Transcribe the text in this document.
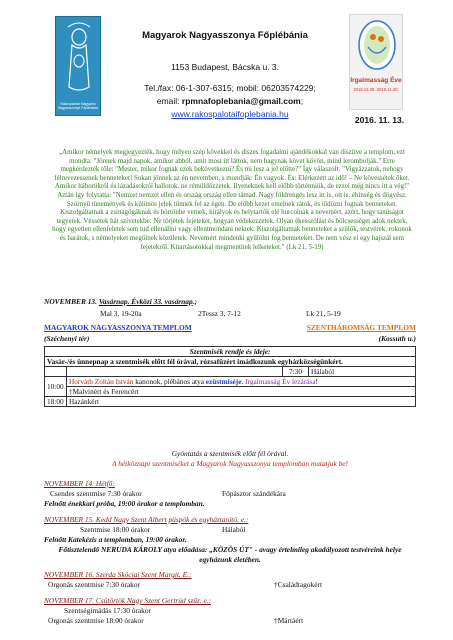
Rakospalotai Magyarok Nagyasszonya Főplébánia
Magyarok Nagyasszonya Főplébánia
1153 Budapest, Bácska u. 3.
Tel./fax: 06-1-307-6315; mobil: 06203574229;
email: rpmnafoplebania@gmail.com;
www.rakospalotaifoplebania.hu
Irgalmasság Éve
2015.12.08.-2016.11.20.
2016. 11. 13.
„Amikor némelyek megjegyezték, hogy milyen szép kövekkel és díszes fogadalmi ajándékokkal van díszítve a templom, ezt mondta: "Jönnek majd napok, amikor abból, amit most itt láttok, nem hagynak követ kövön, mind lerombolják." Erre megkérdezték tőle: "Mester, mikor fognak ezek bekövetkezni? És mi lesz a jel előtte?" Így válaszolt: "Vigyázzatok, nehogy félrevezessenek benneteket! Sokan jönnek az én nevemben, s mondják: Én vagyok. És: Elérkezett az idő! – Ne kövessétek őket. Amikor háborúkról és lázadásokról hallotok, ne rémüldözzetek. Ilyeneknek kell előbb történniük, de ezzel még nincs itt a vég!" Aztán így folytatta: "Nemzet nemzet ellen és ország ország ellen támad. Nagy földrengés lesz itt is, ott is, éhínség és dögvész. Szörnyű tünemények és különös jelek tűnnek fel az égen. De előbb kezet emelnek rátok, és üldözni fognak benneteket. Kiszolgáltatnak a zsinagógáknak és börtönbe vetnek, királyok és helytartók elé hurcolnak a nevemért, azért, hogy tanúságot tegyetek. Véssétek hát szívetekbe: Ne törjétek fejeteket, hogyan védekezzetek. Olyan ékesszólást és bölcsességet adok nektek, hogy egyetlen ellenfeletek sem tud ellenállni vagy ellentmondani nektek. Kiszolgáltatnak benneteket a szülők, testvérek, rokonok és barátok, s némelyeket megölnek közületek. Nevemért mindenki gyűlölni fog benneteket. De nem vész el egy hajszál sem fejetekről. Kitartásotokkal megmentitek lelketeket." (Lk 21, 5-19)
NOVEMBER 13. Vasárnap. Évközi 33. vasárnap.;
Mal 3, 19-20a	2Tessz 3, 7-12	Lk 21, 5-19
MAGYAROK NAGYASSZONYA TEMPLOM	SZENTHÁROMSÁG TEMPLOM
(Széchenyi tér)	(Kossuth u.)
Szentmisék rendje és ideje:			
Vasár-/és ünnepnap a szentmisék előtt fél órával, rózsafüzért imádkozunk egyházközségünkért.			
		7:30	Hálaból
10:00	Horváth Zoltán István kanonok, plébános atya ezüstmiséje. Irgalmasság Év lezárása!		
	†Malvinért és Ferencért		
18:00	Hazánkért		
Gyóntatás a szentmisék előtt fél órával.
A hétköznapi szentmiséket a Magyarok Nagyasszonya templomban mutatjuk be!
NOVEMBER 14. Hétfő:
Csendes szentmise 7:30 órakor	Főpásztor szándékára
Felnőtt énekkari próba, 19:00 órakor a templomban.
NOVEMBER 15. Kedd Nagy Szent Albert püspök és egyháztanító. e.:
Szentmise 18:00 órakor	Hálaból
Felnőtt Katekézis a templomban, 19:00 órakor.
Főtisztelendő NERUDA KÁROLY atya előadása: „KÖZÖS ÚT" - avagy értelmileg akadályozott testvéreink helye egyházunk életében.
NOVEMBER 16. Szerda Skóciai Szent Margit. E.:
Orgonás szentmise 7:30 órakor	†Családtagokért
NOVEMBER 17. Csütörtök Nagy Szent Gertrúd szűz. e.:
Szentségimádás 17:30 órakor
Orgonás szentmise 18:00 órakor	†Mártáért
